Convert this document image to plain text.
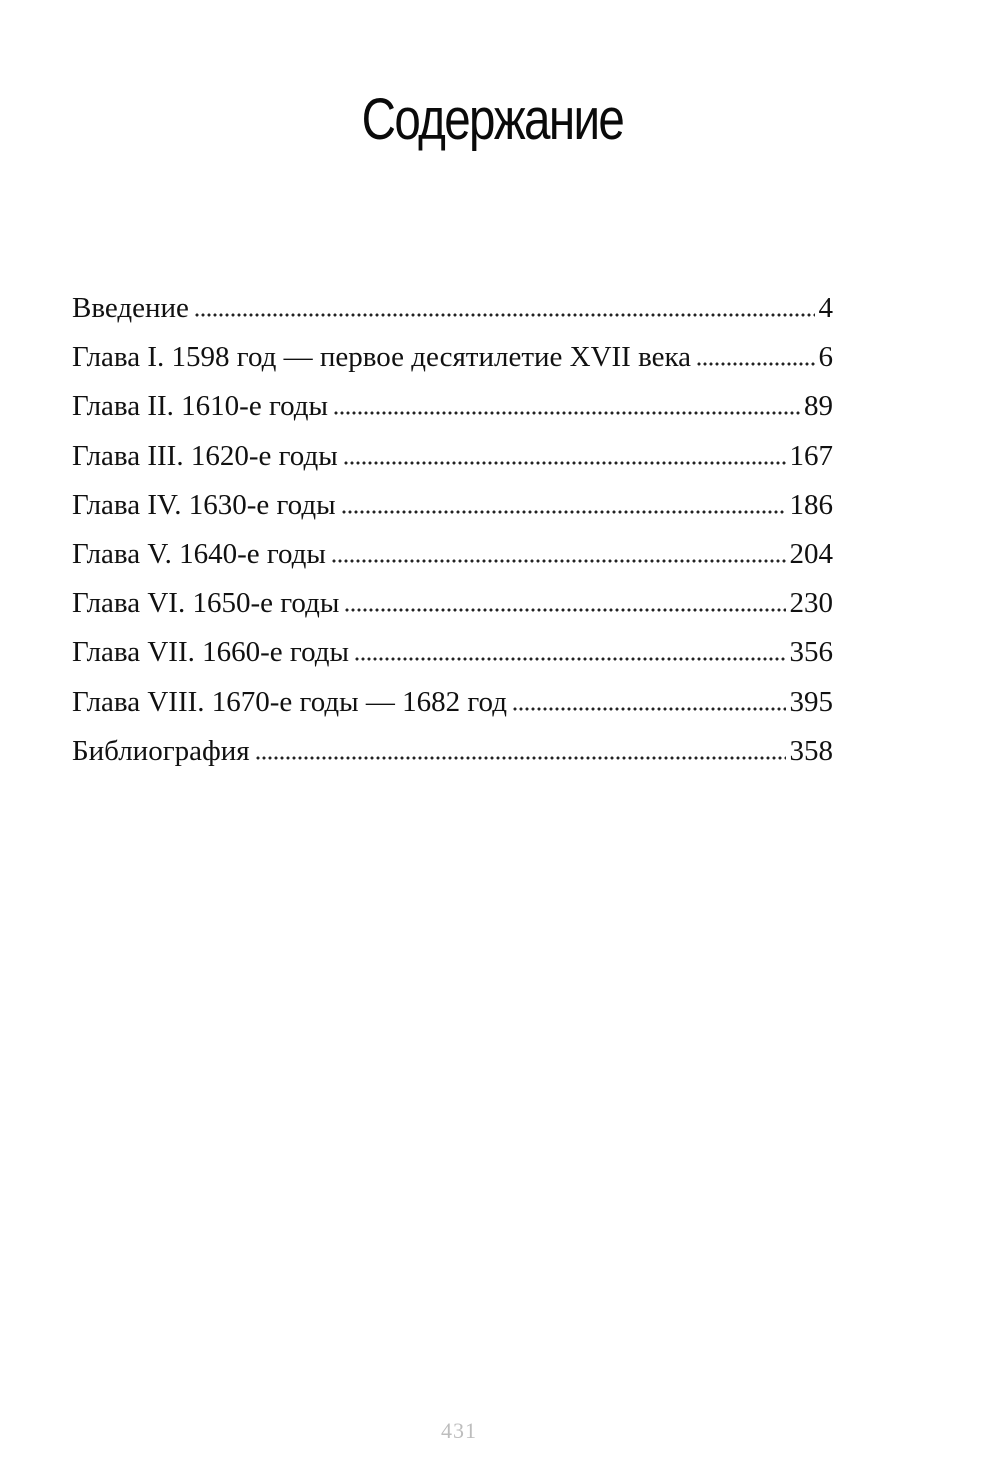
Содержание
Введение	4
Глава I. 1598 год — первое десятилетие XVII века	6
Глава II. 1610-е годы	89
Глава III. 1620-е годы	167
Глава IV. 1630-е годы	186
Глава V. 1640-е годы	204
Глава VI. 1650-е годы	230
Глава VII. 1660-е годы	356
Глава VIII. 1670-е годы — 1682 год	395
Библиография	358
431
